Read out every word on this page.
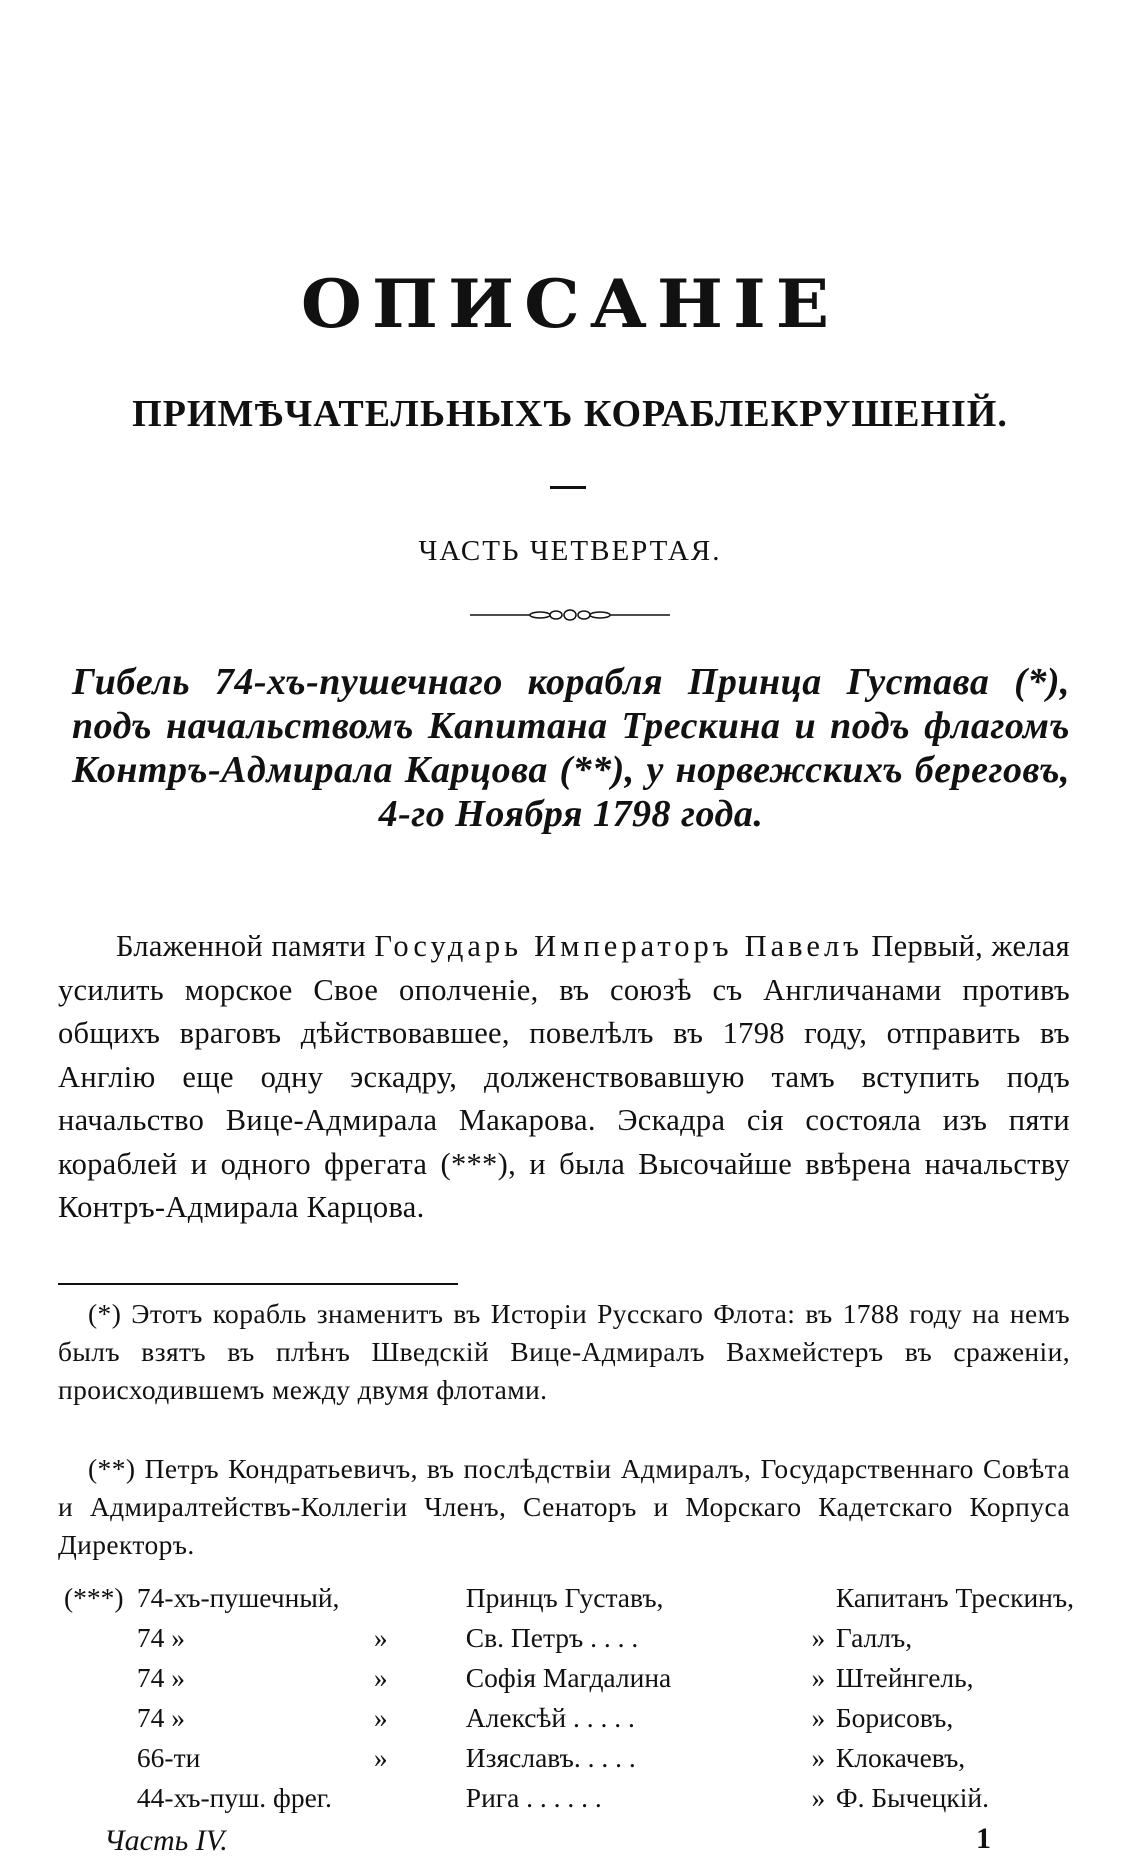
ОПИСАНІЕ
ПРИМѢЧАТЕЛЬНЫХЪ КОРАБЛЕКРУШЕНІЙ.
ЧАСТЬ ЧЕТВЕРТАЯ.
Гибель 74-хъ-пушечнаго корабля Принца Густава (*), подъ начальствомъ Капитана Трескина и подъ флагомъ Контръ-Адмирала Карцова (**), у норвежскихъ береговъ, 4-го Ноября 1798 года.
Блаженной памяти Государь Императоръ Павелъ Первый, желая усилить морское Свое ополченіе, въ союзѣ съ Англичанами противъ общихъ враговъ дѣйствовавшее, повелѣлъ въ 1798 году, отправить въ Англію еще одну эскадру, долженствовавшую тамъ вступить подъ начальство Вице-Адмирала Макарова. Эскадра сія состояла изъ пяти кораблей и одного фрегата (***), и была Высочайше ввѣрена начальству Контръ-Адмирала Карцова.
(*) Этотъ корабль знаменитъ въ Исторіи Русскаго Флота: въ 1788 году на немъ былъ взятъ въ плѣнъ Шведскій Вице-Адмиралъ Вахмейстеръ въ сраженіи, происходившемъ между двумя флотами.
(**) Петръ Кондратьевичъ, въ послѣдствіи Адмиралъ, Государственнаго Совѣта и Адмиралтействъ-Коллегіи Членъ, Сенаторъ и Морскаго Кадетскаго Корпуса Директоръ.
(***)	74-хъ-пушечный,		Принцъ Густавъ,		Капитанъ Трескинъ,
	74 »	»	Св. Петръ . . . .	»	Галлъ,
	74 »	»	Софія Магдалина	»	Штейнгель,
	74 »	»	Алексѣй . . . . .	»	Борисовъ,
	66-ти	»	Изяславъ. . . . .	»	Клокачевъ,
	44-хъ-пуш. фрег.		Рига . . . . . .	»	Ф. Бычецкій.
Часть IV.	1
